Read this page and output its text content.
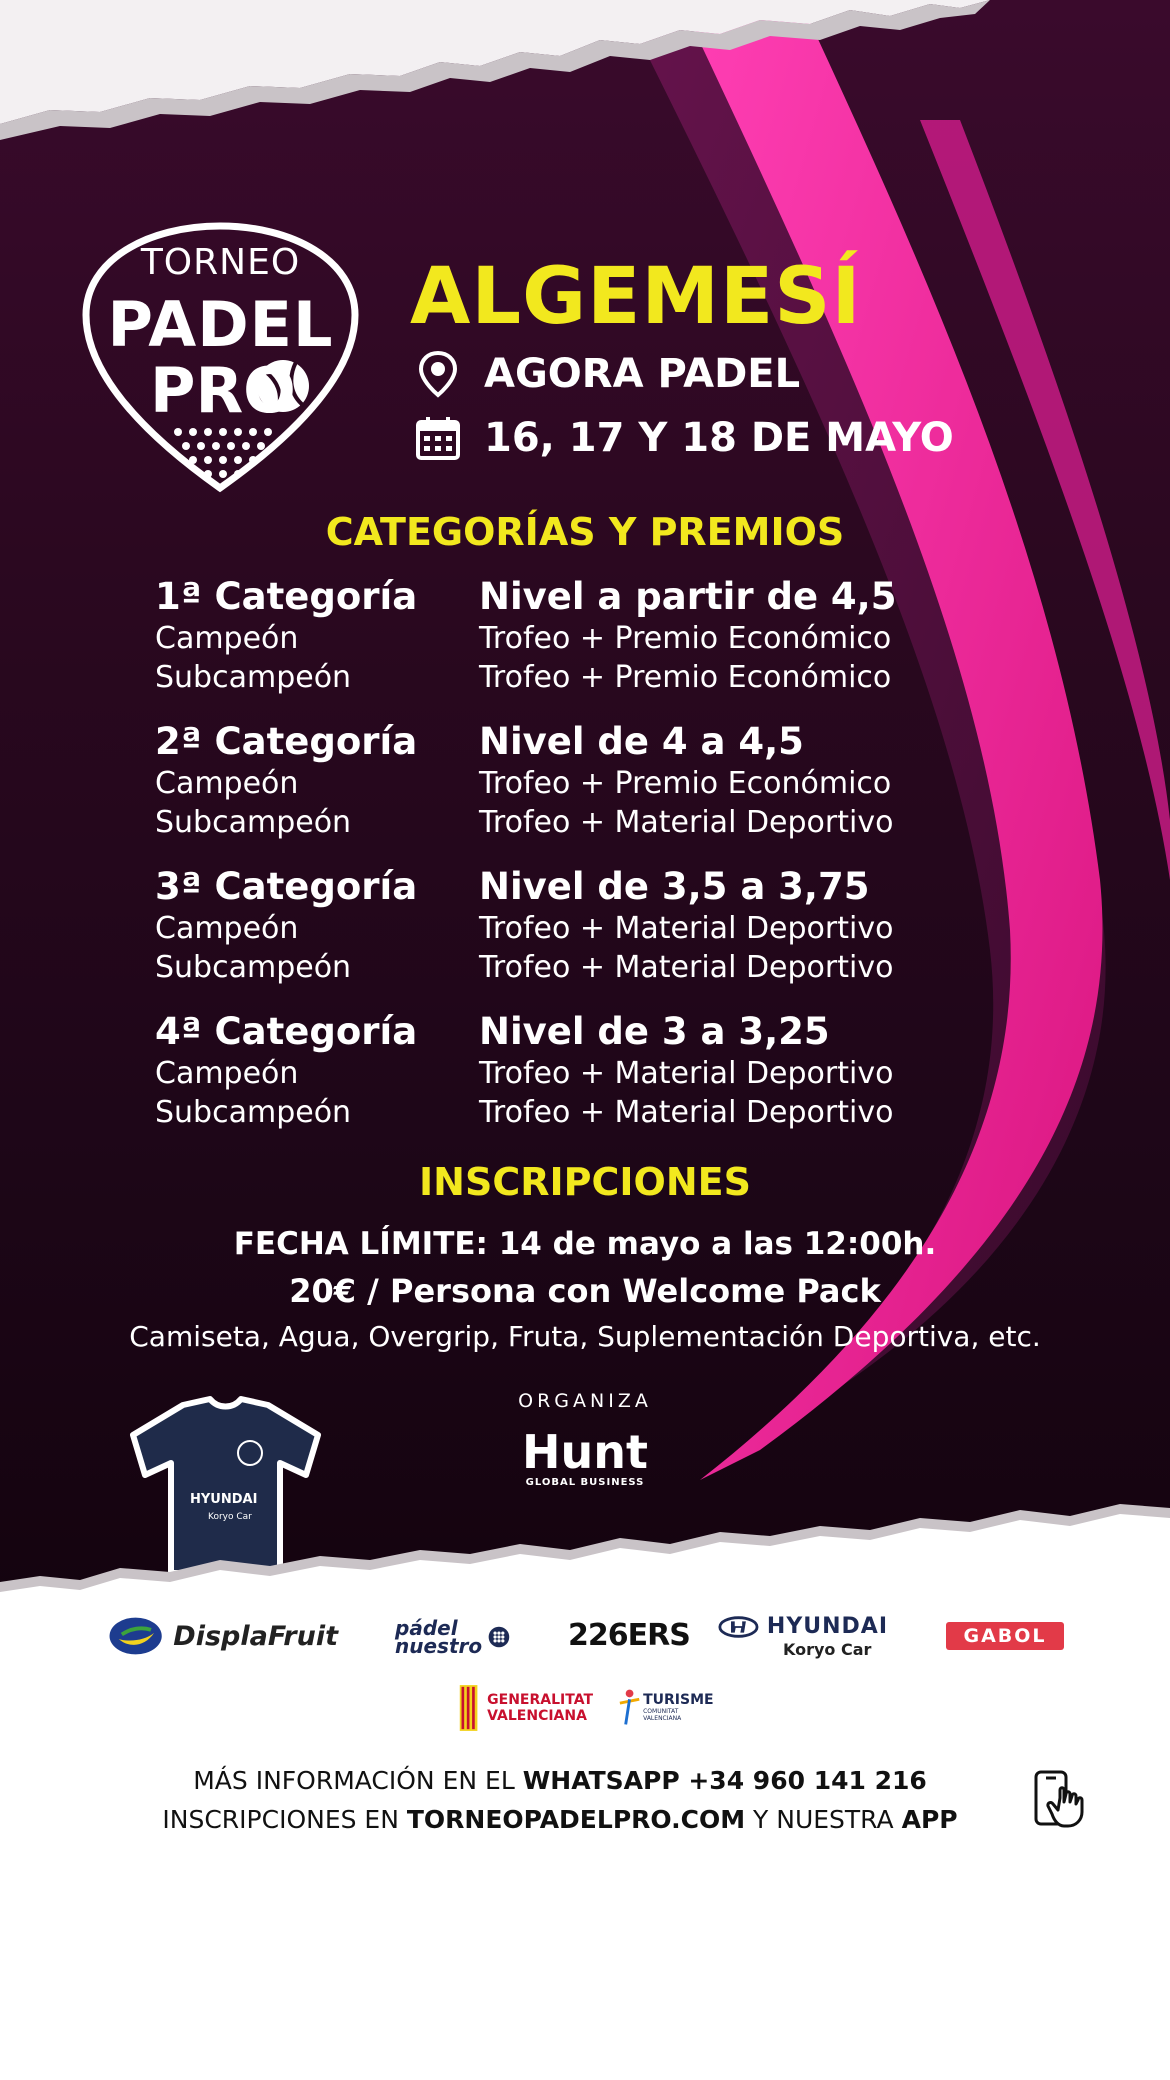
TORNEO
PADEL
PRO
ALGEMESÍ
AGORA PADEL
16, 17 Y 18 DE MAYO
CATEGORÍAS Y PREMIOS
1ª Categoría	Nivel a partir de 4,5
Campeón	Trofeo + Premio Económico
Subcampeón	Trofeo + Premio Económico
2ª Categoría	Nivel de 4 a 4,5
Campeón	Trofeo + Premio Económico
Subcampeón	Trofeo + Material Deportivo
3ª Categoría	Nivel de 3,5 a 3,75
Campeón	Trofeo + Material Deportivo
Subcampeón	Trofeo + Material Deportivo
4ª Categoría	Nivel de 3 a 3,25
Campeón	Trofeo + Material Deportivo
Subcampeón	Trofeo + Material Deportivo
INSCRIPCIONES
FECHA LÍMITE: 14 de mayo a las 12:00h.
20€ / Persona con Welcome Pack
Camiseta, Agua, Overgrip, Fruta, Suplementación Deportiva, etc.
ORGANIZA
Hunt
GLOBAL BUSINESS
HYUNDAI
Koryo Car
DisplaFruit	pádel
nuestro	226ERS	HYUNDAI
Koryo Car
GABOL
GENERALITAT
VALENCIANA
TURISME
COMUNITAT VALENCIANA
MÁS INFORMACIÓN EN EL WHATSAPP +34 960 141 216
INSCRIPCIONES EN TORNEOPADELPRO.COM Y NUESTRA APP
